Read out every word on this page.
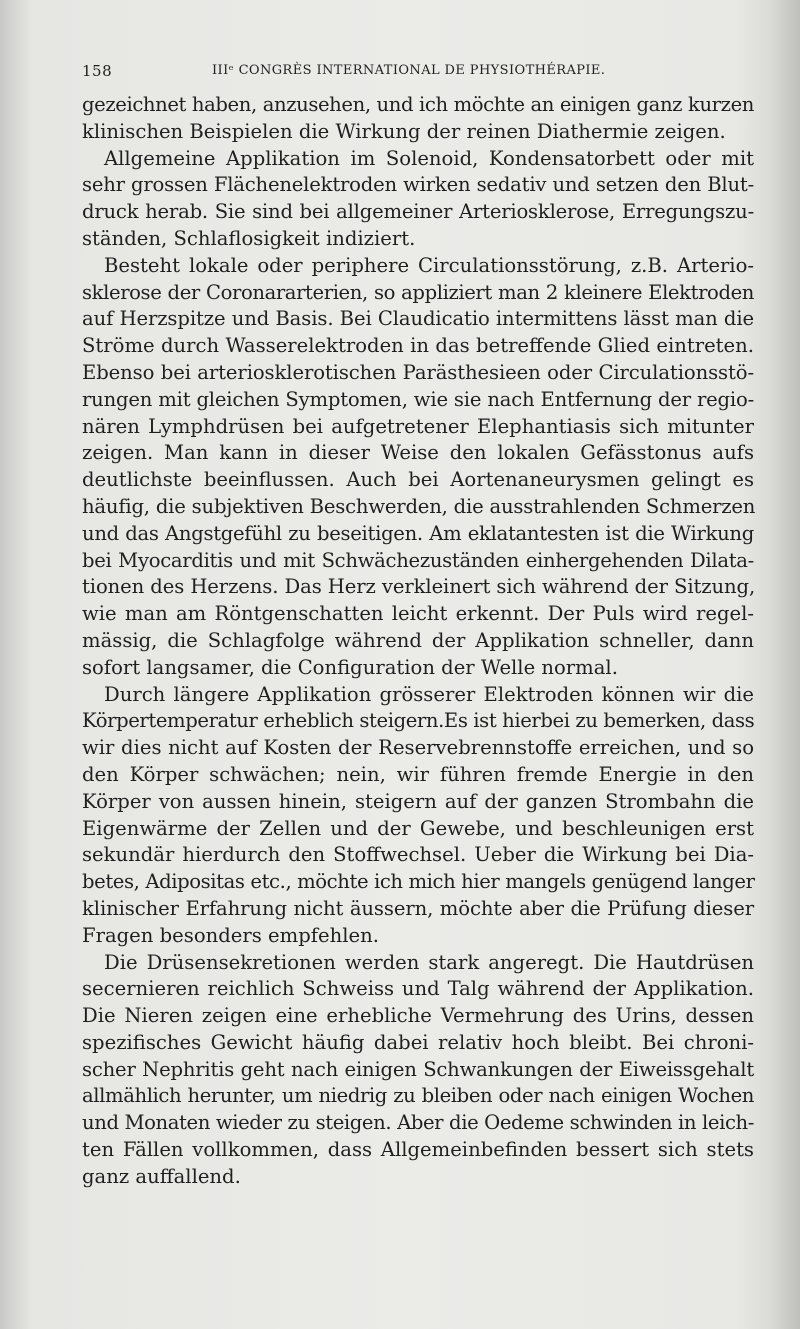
158	IIIᵉ CONGRÈS INTERNATIONAL DE PHYSIOTHÉRAPIE.
gezeichnet haben, anzusehen, und ich möchte an einigen ganz kurzen
klinischen Beispielen die Wirkung der reinen Diathermie zeigen.
Allgemeine Applikation im Solenoid, Kondensatorbett oder mit
sehr grossen Flächenelektroden wirken sedativ und setzen den Blut-
druck herab. Sie sind bei allgemeiner Arteriosklerose, Erregungszu-
ständen, Schlaflosigkeit indiziert.
Besteht lokale oder periphere Circulationsstörung, z.B. Arterio-
sklerose der Coronararterien, so appliziert man 2 kleinere Elektroden
auf Herzspitze und Basis. Bei Claudicatio intermittens lässt man die
Ströme durch Wasserelektroden in das betreffende Glied eintreten.
Ebenso bei arteriosklerotischen Parästhesieen oder Circulationsstö-
rungen mit gleichen Symptomen, wie sie nach Entfernung der regio-
nären Lymphdrüsen bei aufgetretener Elephantiasis sich mitunter
zeigen. Man kann in dieser Weise den lokalen Gefässtonus aufs
deutlichste beeinflussen. Auch bei Aortenaneurysmen gelingt es
häufig, die subjektiven Beschwerden, die ausstrahlenden Schmerzen
und das Angstgefühl zu beseitigen. Am eklatantesten ist die Wirkung
bei Myocarditis und mit Schwächezuständen einhergehenden Dilata-
tionen des Herzens. Das Herz verkleinert sich während der Sitzung,
wie man am Röntgenschatten leicht erkennt. Der Puls wird regel-
mässig, die Schlagfolge während der Applikation schneller, dann
sofort langsamer, die Configuration der Welle normal.
Durch längere Applikation grösserer Elektroden können wir die
Körpertemperatur erheblich steigern.Es ist hierbei zu bemerken, dass
wir dies nicht auf Kosten der Reservebrennstoffe erreichen, und so
den Körper schwächen; nein, wir führen fremde Energie in den
Körper von aussen hinein, steigern auf der ganzen Strombahn die
Eigenwärme der Zellen und der Gewebe, und beschleunigen erst
sekundär hierdurch den Stoffwechsel. Ueber die Wirkung bei Dia-
betes, Adipositas etc., möchte ich mich hier mangels genügend langer
klinischer Erfahrung nicht äussern, möchte aber die Prüfung dieser
Fragen besonders empfehlen.
Die Drüsensekretionen werden stark angeregt. Die Hautdrüsen
secernieren reichlich Schweiss und Talg während der Applikation.
Die Nieren zeigen eine erhebliche Vermehrung des Urins, dessen
spezifisches Gewicht häufig dabei relativ hoch bleibt. Bei chroni-
scher Nephritis geht nach einigen Schwankungen der Eiweissgehalt
allmählich herunter, um niedrig zu bleiben oder nach einigen Wochen
und Monaten wieder zu steigen. Aber die Oedeme schwinden in leich-
ten Fällen vollkommen, dass Allgemeinbefinden bessert sich stets
ganz auffallend.
